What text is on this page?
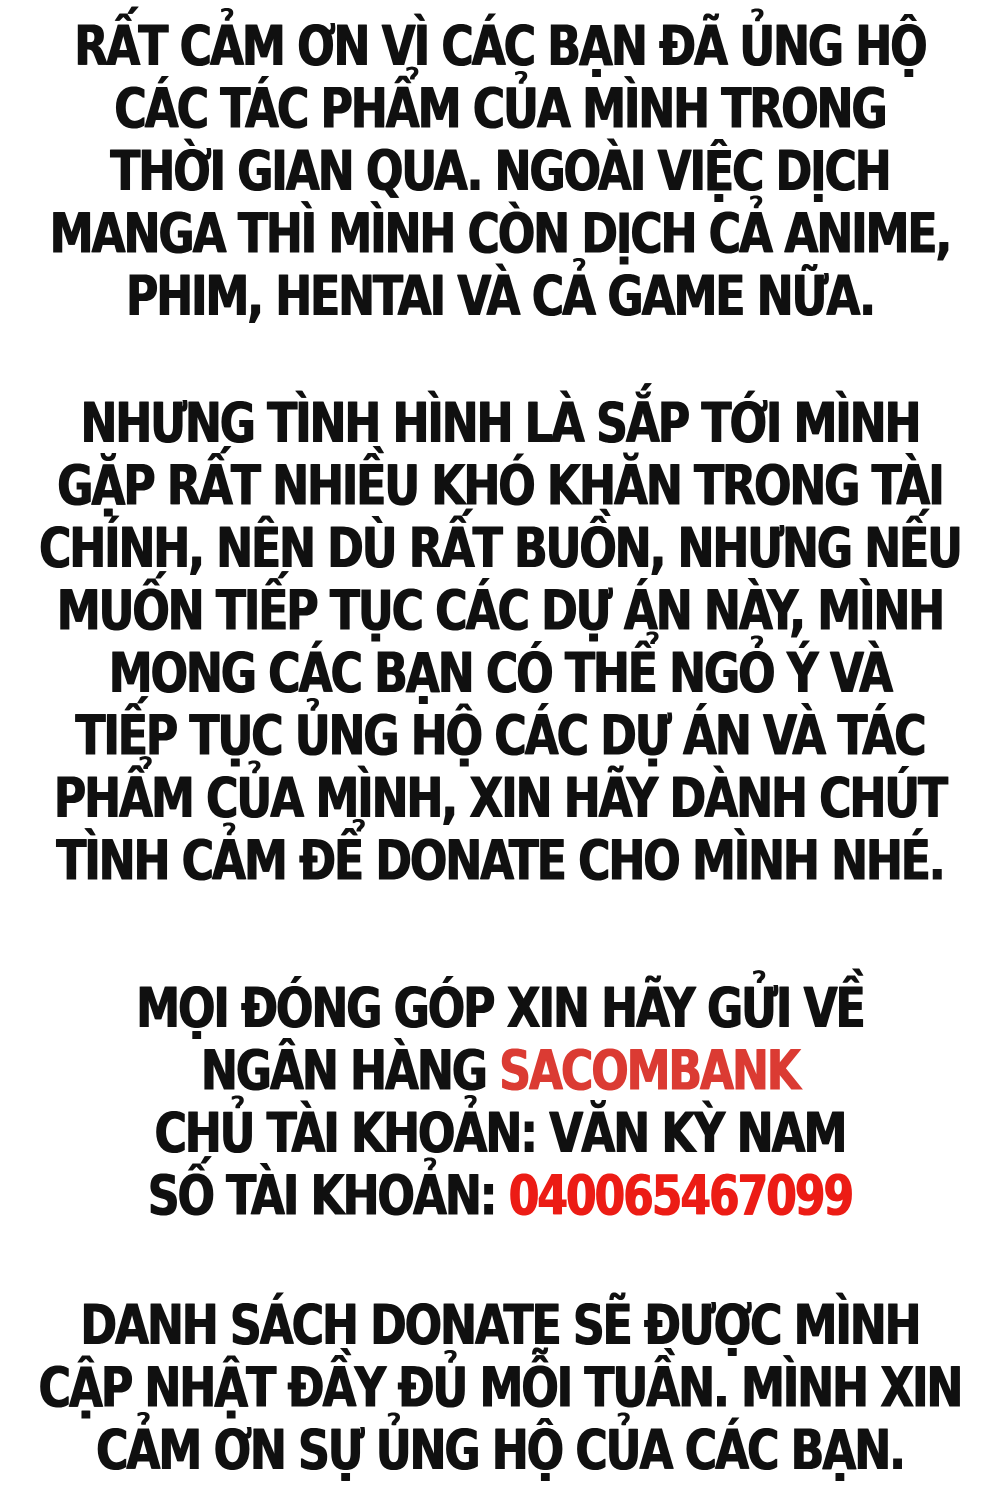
RẤT CẢM ƠN VÌ CÁC BẠN ĐÃ ỦNG HỘ
CÁC TÁC PHẨM CỦA MÌNH TRONG
THỜI GIAN QUA. NGOÀI VIỆC DỊCH
MANGA THÌ MÌNH CÒN DỊCH CẢ ANIME,
PHIM, HENTAI VÀ CẢ GAME NỮA.
NHƯNG TÌNH HÌNH LÀ SẮP TỚI MÌNH
GẶP RẤT NHIỀU KHÓ KHĂN TRONG TÀI
CHÍNH, NÊN DÙ RẤT BUỒN, NHƯNG NẾU
MUỐN TIẾP TỤC CÁC DỰ ÁN NÀY, MÌNH
MONG CÁC BẠN CÓ THỂ NGỎ Ý VÀ
TIẾP TỤC ỦNG HỘ CÁC DỰ ÁN VÀ TÁC
PHẨM CỦA MÌNH, XIN HÃY DÀNH CHÚT
TÌNH CẢM ĐỂ DONATE CHO MÌNH NHÉ.
MỌI ĐÓNG GÓP XIN HÃY GỬI VỀ
NGÂN HÀNG SACOMBANK
CHỦ TÀI KHOẢN: VĂN KỲ NAM
SỐ TÀI KHOẢN: 040065467099
DANH SÁCH DONATE SẼ ĐƯỢC MÌNH
CẬP NHẬT ĐẦY ĐỦ MỖI TUẦN. MÌNH XIN
CẢM ƠN SỰ ỦNG HỘ CỦA CÁC BẠN.
